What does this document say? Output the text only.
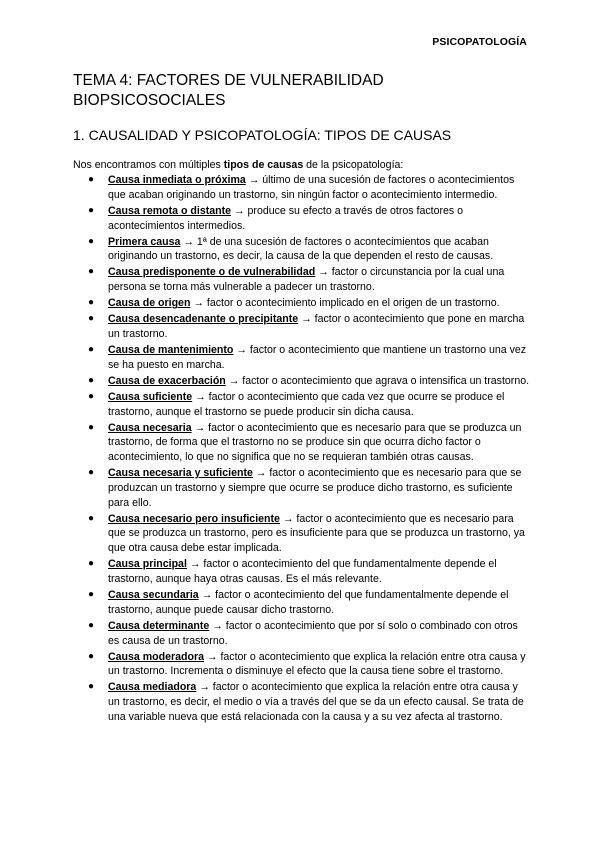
PSICOPATOLOGÍA
TEMA 4: FACTORES DE VULNERABILIDAD BIOPSICOSOCIALES
1. CAUSALIDAD Y PSICOPATOLOGÍA: TIPOS DE CAUSAS

Nos encontramos con múltiples tipos de causas de la psicopatología:

● Causa inmediata o próxima → último de una sucesión de factores o acontecimientos que acaban originando un trastorno, sin ningún factor o acontecimiento intermedio.
● Causa remota o distante → produce su efecto a través de otros factores o acontecimientos intermedios.
● Primera causa → 1ª de una sucesión de factores o acontecimientos que acaban originando un trastorno, es decir, la causa de la que dependen el resto de causas.
● Causa predisponente o de vulnerabilidad → factor o circunstancia por la cual una persona se torna más vulnerable a padecer un trastorno.
● Causa de origen → factor o acontecimiento implicado en el origen de un trastorno.
● Causa desencadenante o precipitante → factor o acontecimiento que pone en marcha un trastorno.
● Causa de mantenimiento → factor o acontecimiento que mantiene un trastorno una vez se ha puesto en marcha.
● Causa de exacerbación → factor o acontecimiento que agrava o intensifica un trastorno.
● Causa suficiente → factor o acontecimiento que cada vez que ocurre se produce el trastorno, aunque el trastorno se puede producir sin dicha causa.
● Causa necesaria → factor o acontecimiento que es necesario para que se produzca un trastorno, de forma que el trastorno no se produce sin que ocurra dicho factor o acontecimiento, lo que no significa que no se requieran también otras causas.
● Causa necesaria y suficiente → factor o acontecimiento que es necesario para que se produzcan un trastorno y siempre que ocurre se produce dicho trastorno, es suficiente para ello.
● Causa necesario pero insuficiente → factor o acontecimiento que es necesario para que se produzca un trastorno, pero es insuficiente para que se produzca un trastorno, ya que otra causa debe estar implicada.
● Causa principal → factor o acontecimiento del que fundamentalmente depende el trastorno, aunque haya otras causas. Es el más relevante.
● Causa secundaria → factor o acontecimiento del que fundamentalmente depende el trastorno, aunque puede causar dicho trastorno.
● Causa determinante → factor o acontecimiento que por sí solo o combinado con otros es causa de un trastorno.
● Causa moderadora → factor o acontecimiento que explica la relación entre otra causa y un trastorno. Incrementa o disminuye el efecto que la causa tiene sobre el trastorno.
● Causa mediadora → factor o acontecimiento que explica la relación entre otra causa y un trastorno, es decir, el medio o vía a través del que se da un efecto causal. Se trata de una variable nueva que está relacionada con la causa y a su vez afecta al trastorno.
